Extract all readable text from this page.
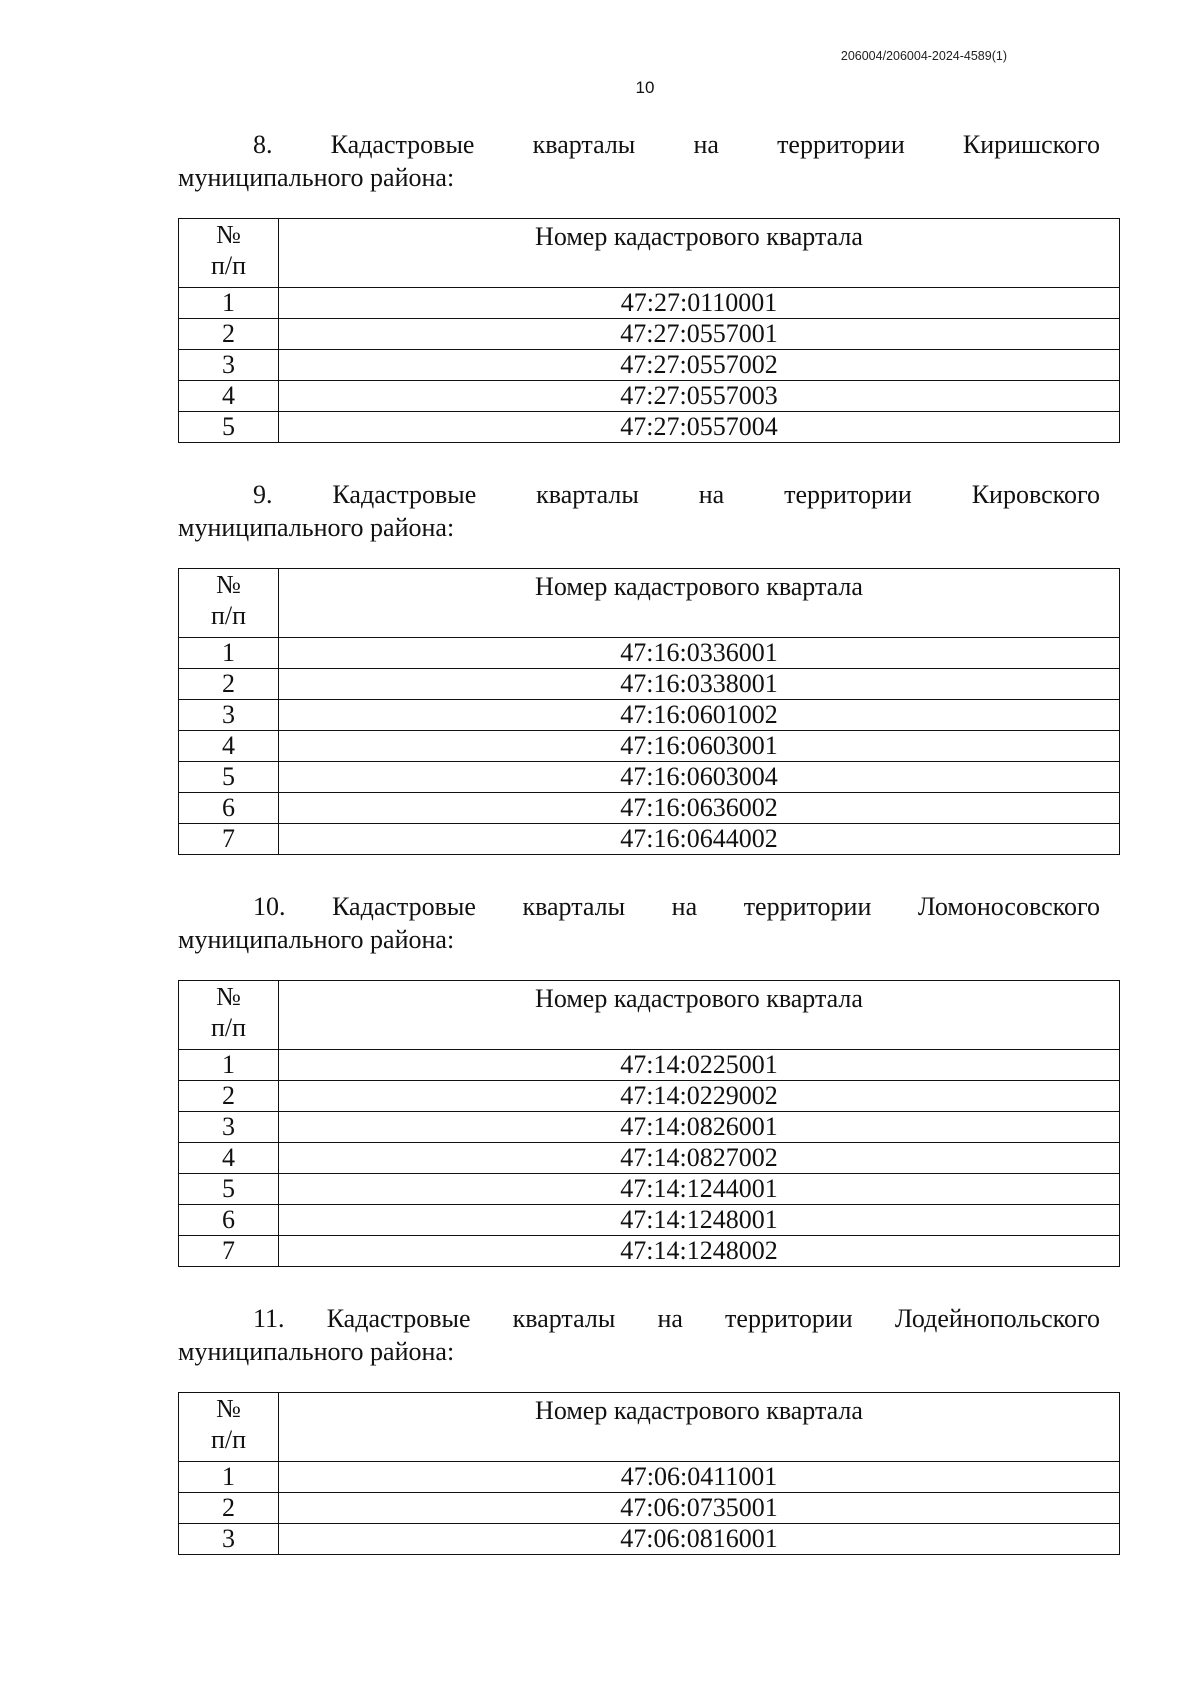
206004/206004-2024-4589(1)
10

8. Кадастровые кварталы на территории Киришского
муниципального района:

№
п/п	Номер кадастрового квартала
1	47:27:0110001
2	47:27:0557001
3	47:27:0557002
4	47:27:0557003
5	47:27:0557004

9. Кадастровые кварталы на территории Кировского
муниципального района:

№
п/п	Номер кадастрового квартала
1	47:16:0336001
2	47:16:0338001
3	47:16:0601002
4	47:16:0603001
5	47:16:0603004
6	47:16:0636002
7	47:16:0644002

10. Кадастровые кварталы на территории Ломоносовского
муниципального района:

№
п/п	Номер кадастрового квартала
1	47:14:0225001
2	47:14:0229002
3	47:14:0826001
4	47:14:0827002
5	47:14:1244001
6	47:14:1248001
7	47:14:1248002

11. Кадастровые кварталы на территории Лодейнопольского
муниципального района:

№
п/п	Номер кадастрового квартала
1	47:06:0411001
2	47:06:0735001
3	47:06:0816001
